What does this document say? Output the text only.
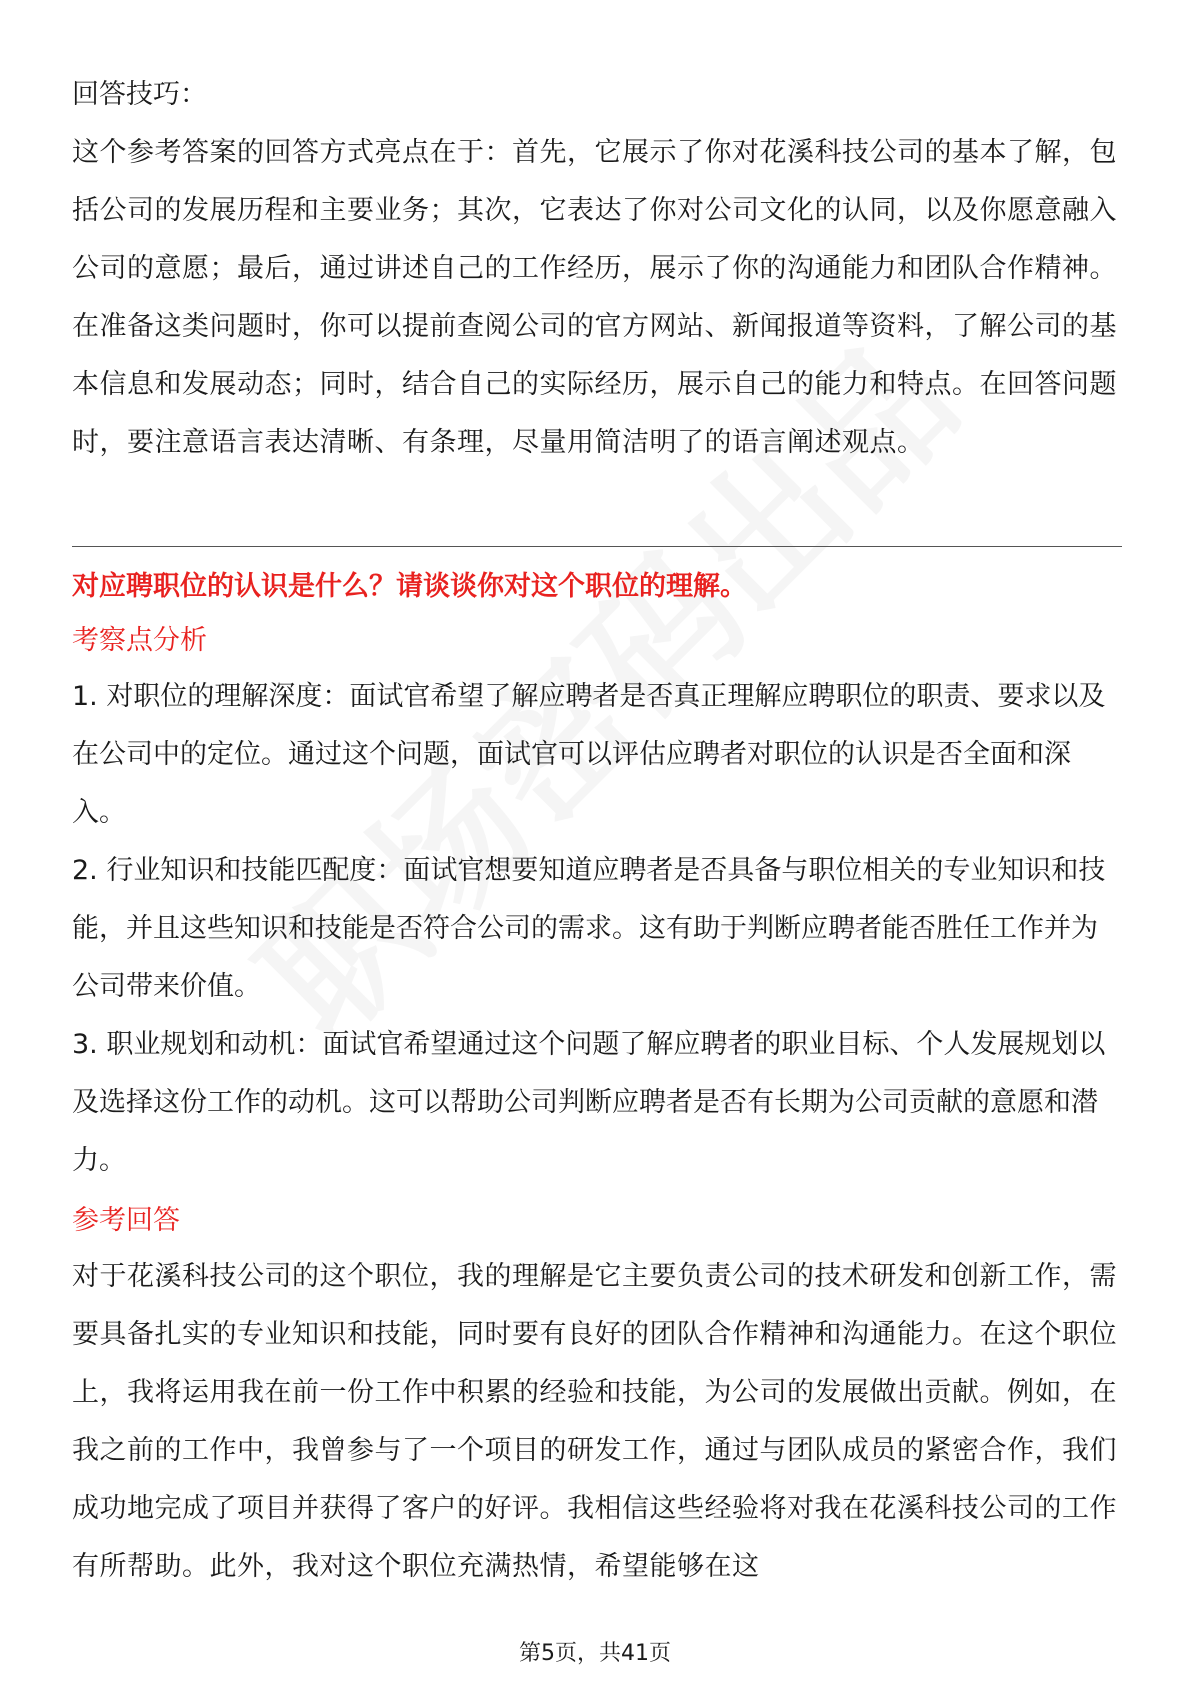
回答技巧：

这个参考答案的回答方式亮点在于：首先，它展示了你对花溪科技公司的基本了解，包括公司的发展历程和主要业务；其次，它表达了你对公司文化的认同，以及你愿意融入公司的意愿；最后，通过讲述自己的工作经历，展示了你的沟通能力和团队合作精神。在准备这类问题时，你可以提前查阅公司的官方网站、新闻报道等资料，了解公司的基本信息和发展动态；同时，结合自己的实际经历，展示自己的能力和特点。在回答问题时，要注意语言表达清晰、有条理，尽量用简洁明了的语言阐述观点。

对应聘职位的认识是什么？请谈谈你对这个职位的理解。

考察点分析

1. 对职位的理解深度：面试官希望了解应聘者是否真正理解应聘职位的职责、要求以及在公司中的定位。通过这个问题，面试官可以评估应聘者对职位的认识是否全面和深入。

2. 行业知识和技能匹配度：面试官想要知道应聘者是否具备与职位相关的专业知识和技能，并且这些知识和技能是否符合公司的需求。这有助于判断应聘者能否胜任工作并为公司带来价值。

3. 职业规划和动机：面试官希望通过这个问题了解应聘者的职业目标、个人发展规划以及选择这份工作的动机。这可以帮助公司判断应聘者是否有长期为公司贡献的意愿和潜力。

参考回答

对于花溪科技公司的这个职位，我的理解是它主要负责公司的技术研发和创新工作，需要具备扎实的专业知识和技能，同时要有良好的团队合作精神和沟通能力。在这个职位上，我将运用我在前一份工作中积累的经验和技能，为公司的发展做出贡献。例如，在我之前的工作中，我曾参与了一个项目的研发工作，通过与团队成员的紧密合作，我们成功地完成了项目并获得了客户的好评。我相信这些经验将对我在花溪科技公司的工作有所帮助。此外，我对这个职位充满热情，希望能够在这

第5页，共41页
